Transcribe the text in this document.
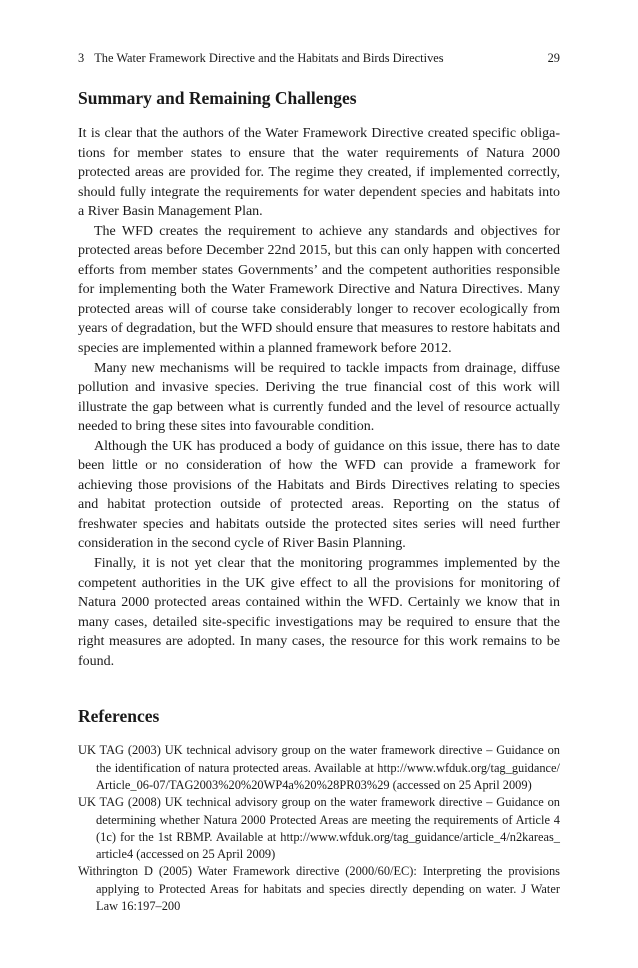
3 The Water Framework Directive and the Habitats and Birds Directives	29
Summary and Remaining Challenges

It is clear that the authors of the Water Framework Directive created specific obligations for member states to ensure that the water requirements of Natura 2000 protected areas are provided for. The regime they created, if implemented correctly, should fully integrate the requirements for water dependent species and habitats into a River Basin Management Plan.

The WFD creates the requirement to achieve any standards and objectives for protected areas before December 22nd 2015, but this can only happen with concerted efforts from member states Governments’ and the competent authorities responsible for implementing both the Water Framework Directive and Natura Directives. Many protected areas will of course take considerably longer to recover ecologically from years of degradation, but the WFD should ensure that measures to restore habitats and species are implemented within a planned framework before 2012.

Many new mechanisms will be required to tackle impacts from drainage, diffuse pollution and invasive species. Deriving the true financial cost of this work will illustrate the gap between what is currently funded and the level of resource actually needed to bring these sites into favourable condition.

Although the UK has produced a body of guidance on this issue, there has to date been little or no consideration of how the WFD can provide a framework for achieving those provisions of the Habitats and Birds Directives relating to species and habitat protection outside of protected areas. Reporting on the status of freshwater species and habitats outside the protected sites series will need further consideration in the second cycle of River Basin Planning.

Finally, it is not yet clear that the monitoring programmes implemented by the competent authorities in the UK give effect to all the provisions for monitoring of Natura 2000 protected areas contained within the WFD. Certainly we know that in many cases, detailed site-specific investigations may be required to ensure that the right measures are adopted. In many cases, the resource for this work remains to be found.

References

UK TAG (2003) UK technical advisory group on the water framework directive – Guidance on the identification of natura protected areas. Available at http://www.wfduk.org/tag_guidance/ Article_06-07/TAG2003%20%20WP4a%20%28PR03%29 (accessed on 25 April 2009)

UK TAG (2008) UK technical advisory group on the water framework directive – Guidance on determining whether Natura 2000 Protected Areas are meeting the requirements of Article 4 (1c) for the 1st RBMP. Available at http://www.wfduk.org/tag_guidance/article_4/n2kareas_ article4 (accessed on 25 April 2009)

Withrington D (2005) Water Framework directive (2000/60/EC): Interpreting the provisions applying to Protected Areas for habitats and species directly depending on water. J Water Law 16:197–200
